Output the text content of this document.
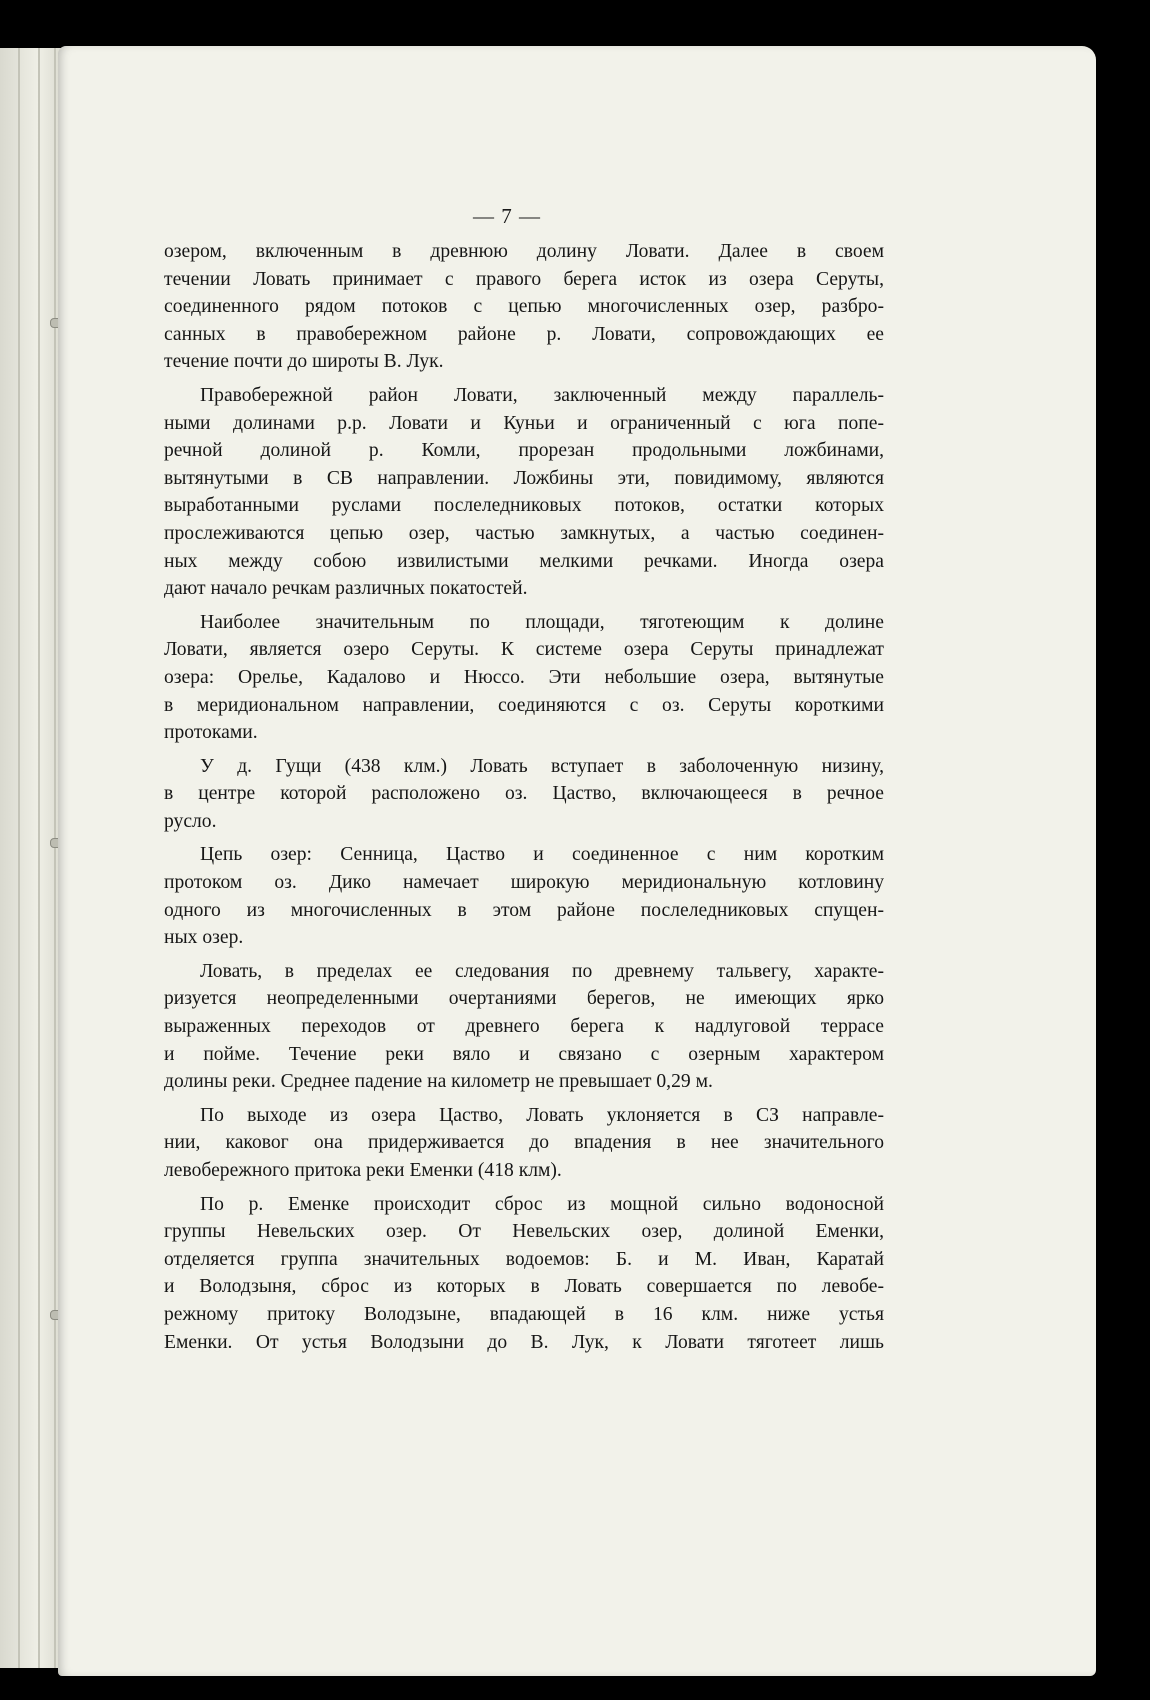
— 7 —
озером, включенным в древнюю долину Ловати. Далее в своем
течении Ловать принимает с правого берега исток из озера Серуты,
соединенного рядом потоков с цепью многочисленных озер, разбро-
санных в правобережном районе р. Ловати, сопровождающих ее
течение почти до широты В. Лук.
Правобережной район Ловати, заключенный между параллель-
ными долинами р.р. Ловати и Куньи и ограниченный с юга попе-
речной долиной р. Комли, прорезан продольными ложбинами,
вытянутыми в СВ направлении. Ложбины эти, повидимому, являются
выработанными руслами послеледниковых потоков, остатки которых
прослеживаются цепью озер, частью замкнутых, а частью соединен-
ных между собою извилистыми мелкими речками. Иногда озера
дают начало речкам различных покатостей.
Наиболее значительным по площади, тяготеющим к долине
Ловати, является озеро Серуты. К системе озера Серуты принадлежат
озера: Орелье, Кадалово и Нюссо. Эти небольшие озера, вытянутые
в меридиональном направлении, соединяются с оз. Серуты короткими
протоками.
У д. Гущи (438 клм.) Ловать вступает в заболоченную низину,
в центре которой расположено оз. Цаство, включающееся в речное
русло.
Цепь озер: Сенница, Цаство и соединенное с ним коротким
протоком оз. Дико намечает широкую меридиональную котловину
одного из многочисленных в этом районе послеледниковых спущен-
ных озер.
Ловать, в пределах ее следования по древнему тальвегу, характе-
ризуется неопределенными очертаниями берегов, не имеющих ярко
выраженных переходов от древнего берега к надлуговой террасе
и пойме. Течение реки вяло и связано с озерным характером
долины реки. Среднее падение на километр не превышает 0,29 м.
По выходе из озера Цаство, Ловать уклоняется в СЗ направле-
нии, каковог она придерживается до впадения в нее значительного
левобережного притока реки Еменки (418 клм).
По р. Еменке происходит сброс из мощной сильно водоносной
группы Невельских озер. От Невельских озер, долиной Еменки,
отделяется группа значительных водоемов: Б. и М. Иван, Каратай
и Володзыня, сброс из которых в Ловать совершается по левобе-
режному притоку Володзыне, впадающей в 16 клм. ниже устья
Еменки. От устья Володзыни до В. Лук, к Ловати тяготеет лишь
